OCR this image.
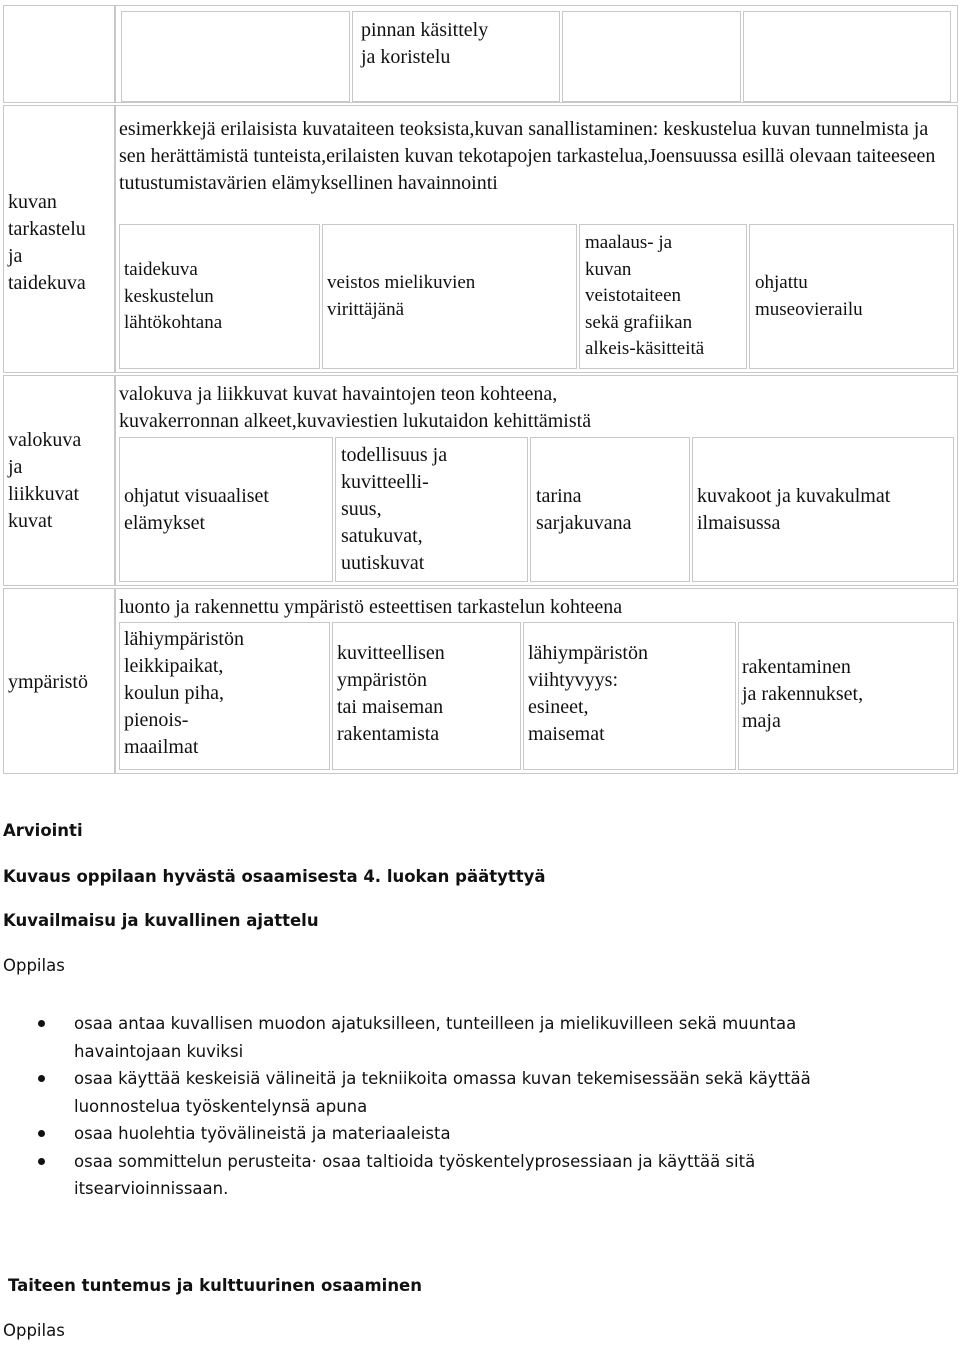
pinnan käsittely
ja koristelu
kuvan
tarkastelu
ja
taidekuva
esimerkkejä erilaisista kuvataiteen teoksista,kuvan sanallistaminen: keskustelua kuvan tunnelmista ja sen herättämistä tunteista,erilaisten kuvan tekotapojen tarkastelua,Joensuussa esillä olevaan taiteeseen tutustumistavärien elämyksellinen havainnointi
taidekuva
keskustelun
lähtökohtana
veistos mielikuvien
virittäjänä
maalaus- ja
kuvan
veistotaiteen
sekä grafiikan
alkeis-käsitteitä
ohjattu
museovierailu
valokuva
ja
liikkuvat
kuvat
valokuva ja liikkuvat kuvat havaintojen teon kohteena,
kuvakerronnan alkeet,kuvaviestien lukutaidon kehittämistä
ohjatut visuaaliset
elämykset
todellisuus ja
kuvitteelli-
suus,
satukuvat,
uutiskuvat
tarina
sarjakuvana
kuvakoot ja kuvakulmat
ilmaisussa
ympäristö
luonto ja rakennettu ympäristö esteettisen tarkastelun kohteena
lähiympäristön
leikkipaikat,
koulun piha,
pienois-
maailmat
kuvitteellisen
ympäristön
tai maiseman
rakentamista
lähiympäristön
viihtyvyys:
esineet,
maisemat
rakentaminen
ja rakennukset,
maja
Arviointi
Kuvaus oppilaan hyvästä osaamisesta 4. luokan päätyttyä
Kuvailmaisu ja kuvallinen ajattelu
Oppilas
osaa antaa kuvallisen muodon ajatuksilleen, tunteilleen ja mielikuvilleen sekä muuntaa havaintojaan kuviksi
osaa käyttää keskeisiä välineitä ja tekniikoita omassa kuvan tekemisessään sekä käyttää luonnostelua työskentelynsä apuna
osaa huolehtia työvälineistä ja materiaaleista
osaa sommittelun perusteita· osaa taltioida työskentelyprosessiaan ja käyttää sitä itsearvioinnissaan.
Taiteen tuntemus ja kulttuurinen osaaminen
Oppilas
